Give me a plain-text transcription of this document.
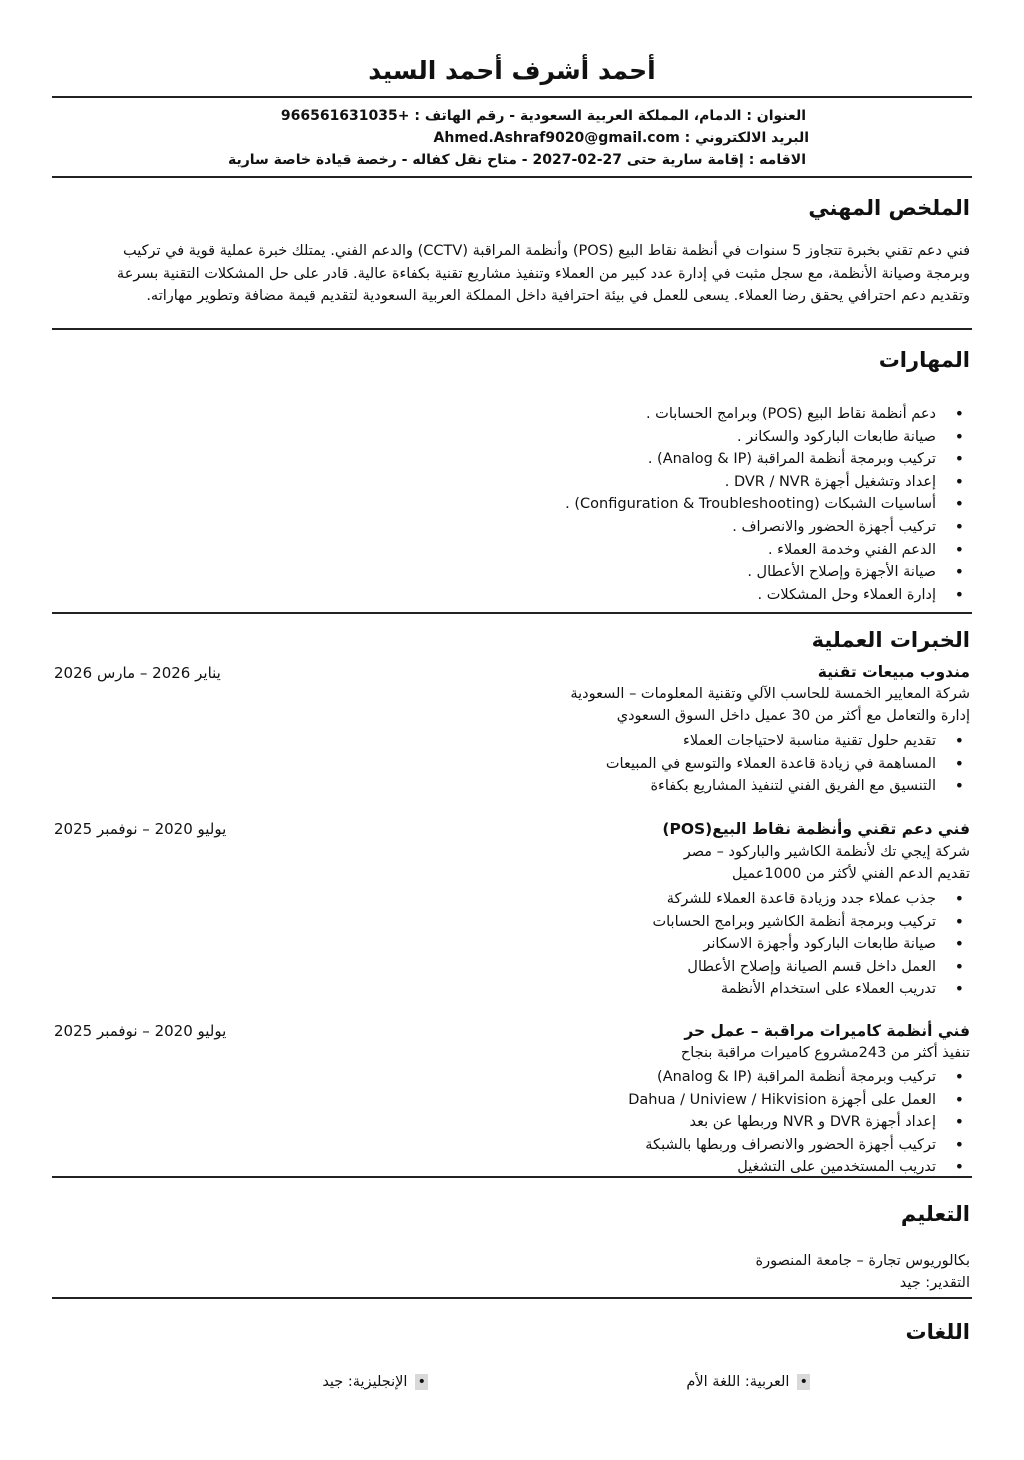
أحمد أشرف أحمد السيد
العنوان : الدمام، المملكة العربية السعودية - رقم الهاتف : +966561631035
البريد الالكتروني : Ahmed.Ashraf9020@gmail.com
الاقامه : إقامة سارية حتى 27-02-2027 - متاح نقل كفاله - رخصة قيادة خاصة سارية
الملخص المهني
فني دعم تقني بخبرة تتجاوز 5 سنوات في أنظمة نقاط البيع (POS) وأنظمة المراقبة (CCTV) والدعم الفني. يمتلك خبرة عملية قوية في تركيب وبرمجة وصيانة الأنظمة، مع سجل مثبت في إدارة عدد كبير من العملاء وتنفيذ مشاريع تقنية بكفاءة عالية. قادر على حل المشكلات التقنية بسرعة وتقديم دعم احترافي يحقق رضا العملاء. يسعى للعمل في بيئة احترافية داخل المملكة العربية السعودية لتقديم قيمة مضافة وتطوير مهاراته.
المهارات
•
دعم أنظمة نقاط البيع (POS) وبرامج الحسابات .
•
صيانة طابعات الباركود والسكانر .
•
تركيب وبرمجة أنظمة المراقبة (Analog & IP) .
•
إعداد وتشغيل أجهزة DVR / NVR .
•
أساسيات الشبكات (Configuration & Troubleshooting) .
•
تركيب أجهزة الحضور والانصراف .
•
الدعم الفني وخدمة العملاء .
•
صيانة الأجهزة وإصلاح الأعطال .
•
إدارة العملاء وحل المشكلات .
الخبرات العملية
مندوب مبيعات تقنية
يناير 2026 – مارس 2026
شركة المعايير الخمسة للحاسب الآلي وتقنية المعلومات – السعودية
إدارة والتعامل مع أكثر من 30 عميل داخل السوق السعودي
•
تقديم حلول تقنية مناسبة لاحتياجات العملاء
•
المساهمة في زيادة قاعدة العملاء والتوسع في المبيعات
•
التنسيق مع الفريق الفني لتنفيذ المشاريع بكفاءة
فني دعم تقني وأنظمة نقاط البيع(POS)
يوليو 2020 – نوفمبر 2025
شركة إيجي تك لأنظمة الكاشير والباركود – مصر
تقديم الدعم الفني لأكثر من 1000عميل
•
جذب عملاء جدد وزيادة قاعدة العملاء للشركة
•
تركيب وبرمجة أنظمة الكاشير وبرامج الحسابات
•
صيانة طابعات الباركود وأجهزة الاسكانر
•
العمل داخل قسم الصيانة وإصلاح الأعطال
•
تدريب العملاء على استخدام الأنظمة
فني أنظمة كاميرات مراقبة – عمل حر
يوليو 2020 – نوفمبر 2025
تنفيذ أكثر من 243مشروع كاميرات مراقبة بنجاح
•
تركيب وبرمجة أنظمة المراقبة (Analog & IP)
•
العمل على أجهزة Dahua / Uniview / Hikvision
•
إعداد أجهزة DVR و NVR وربطها عن بعد
•
تركيب أجهزة الحضور والانصراف وربطها بالشبكة
•
تدريب المستخدمين على التشغيل
التعليم
بكالوريوس تجارة – جامعة المنصورة
التقدير: جيد
اللغات
•العربية: اللغة الأم
•الإنجليزية: جيد
